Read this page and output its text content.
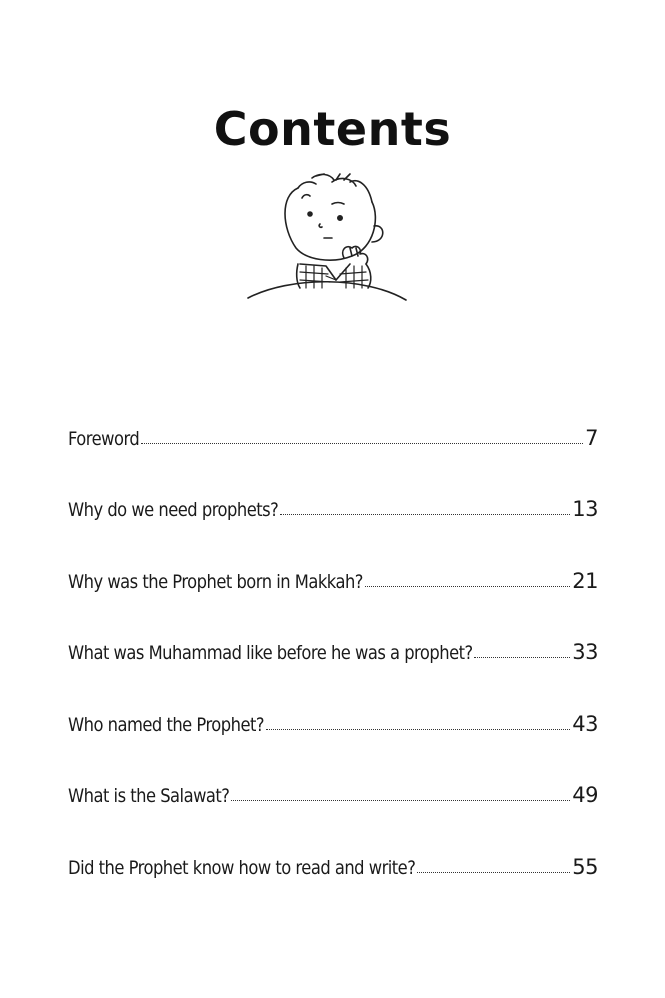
Contents
Foreword	7
Why do we need prophets?	13
Why was the Prophet born in Makkah?	21
What was Muhammad like before he was a prophet?	33
Who named the Prophet?	43
What is the Salawat?	49
Did the Prophet know how to read and write?	55
